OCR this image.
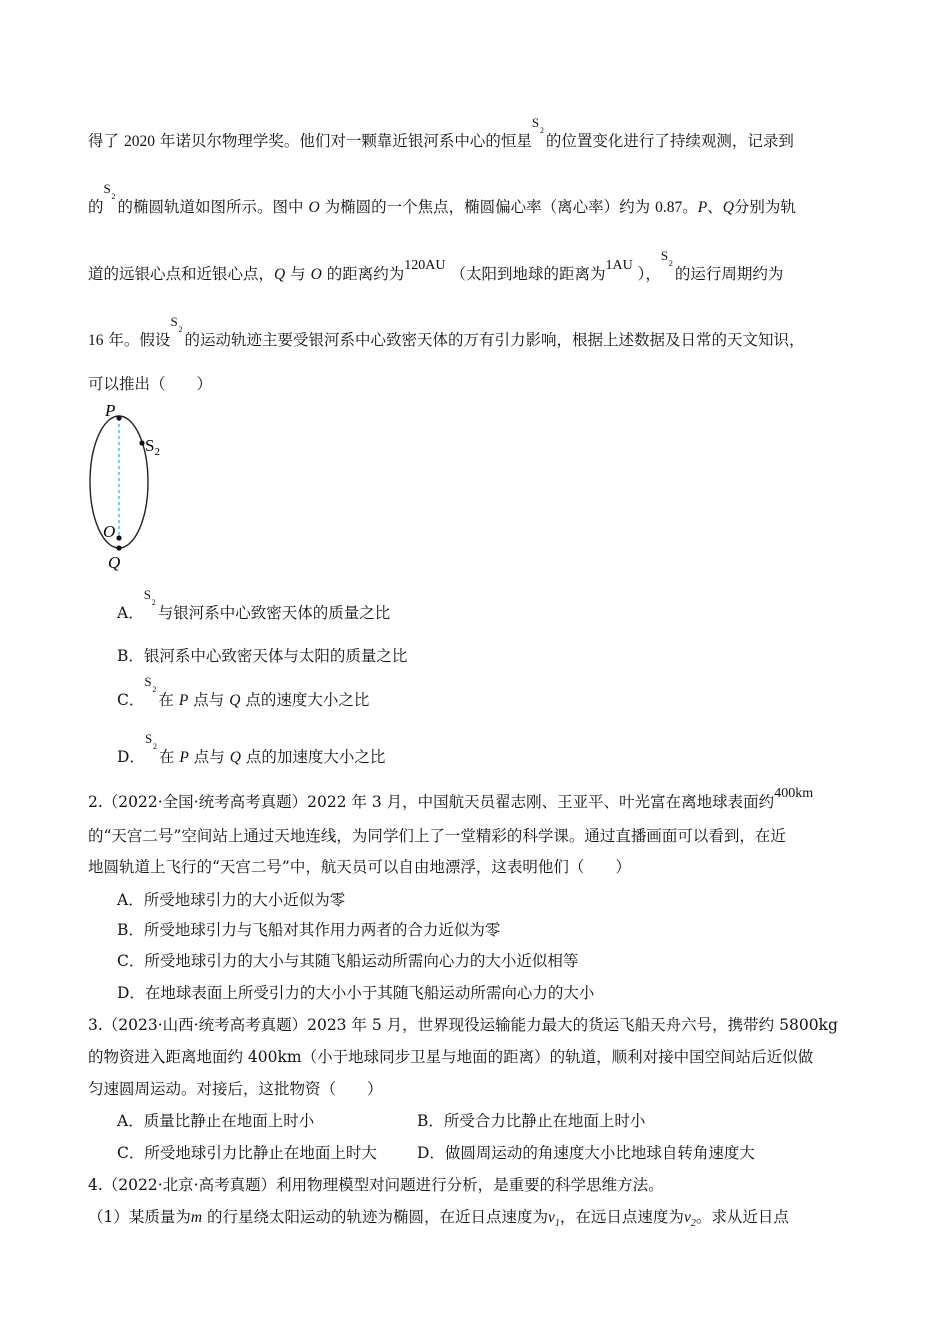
得了 2020 年诺贝尔物理学奖。他们对一颗靠近银河系中心的恒星
S
2
的位置变化进行了持续观测，记录到
的
S
2
的椭圆轨道如图所示。图中 O 为椭圆的一个焦点，椭圆偏心率（离心率）约为 0.87。P、Q分别为轨
道的远银心点和近银心点，Q 与 O 的距离约为120AU （太阳到地球的距离为1AU ），
S
2
的运行周期约为
16 年。假设
S
2
的运动轨迹主要受银河系中心致密天体的万有引力影响，根据上述数据及日常的天文知识，
可以推出（　　）
P
$S_2$
O
Q
A．
S
2
与银河系中心致密天体的质量之比
B．银河系中心致密天体与太阳的质量之比
C．
S
2
在 P 点与 Q 点的速度大小之比
D．
S
2
在 P 点与 Q 点的加速度大小之比
2.（2022·全国·统考高考真题）2022 年 3 月，中国航天员翟志刚、王亚平、叶光富在离地球表面约400km
的“天宫二号”空间站上通过天地连线，为同学们上了一堂精彩的科学课。通过直播画面可以看到，在近
地圆轨道上飞行的“天宫二号”中，航天员可以自由地漂浮，这表明他们（　　）
A．所受地球引力的大小近似为零
B．所受地球引力与飞船对其作用力两者的合力近似为零
C．所受地球引力的大小与其随飞船运动所需向心力的大小近似相等
D．在地球表面上所受引力的大小小于其随飞船运动所需向心力的大小
3.（2023·山西·统考高考真题）2023 年 5 月，世界现役运输能力最大的货运飞船天舟六号，携带约 5800kg
的物资进入距离地面约 400km（小于地球同步卫星与地面的距离）的轨道，顺利对接中国空间站后近似做
匀速圆周运动。对接后，这批物资（　　）
A．质量比静止在地面上时小	B．所受合力比静止在地面上时小
C．所受地球引力比静止在地面上时大	D．做圆周运动的角速度大小比地球自转角速度大
4.（2022·北京·高考真题）利用物理模型对问题进行分析，是重要的科学思维方法。
（1）某质量为m 的行星绕太阳运动的轨迹为椭圆，在近日点速度为$v_1$，在远日点速度为$v_2$。求从近日点
